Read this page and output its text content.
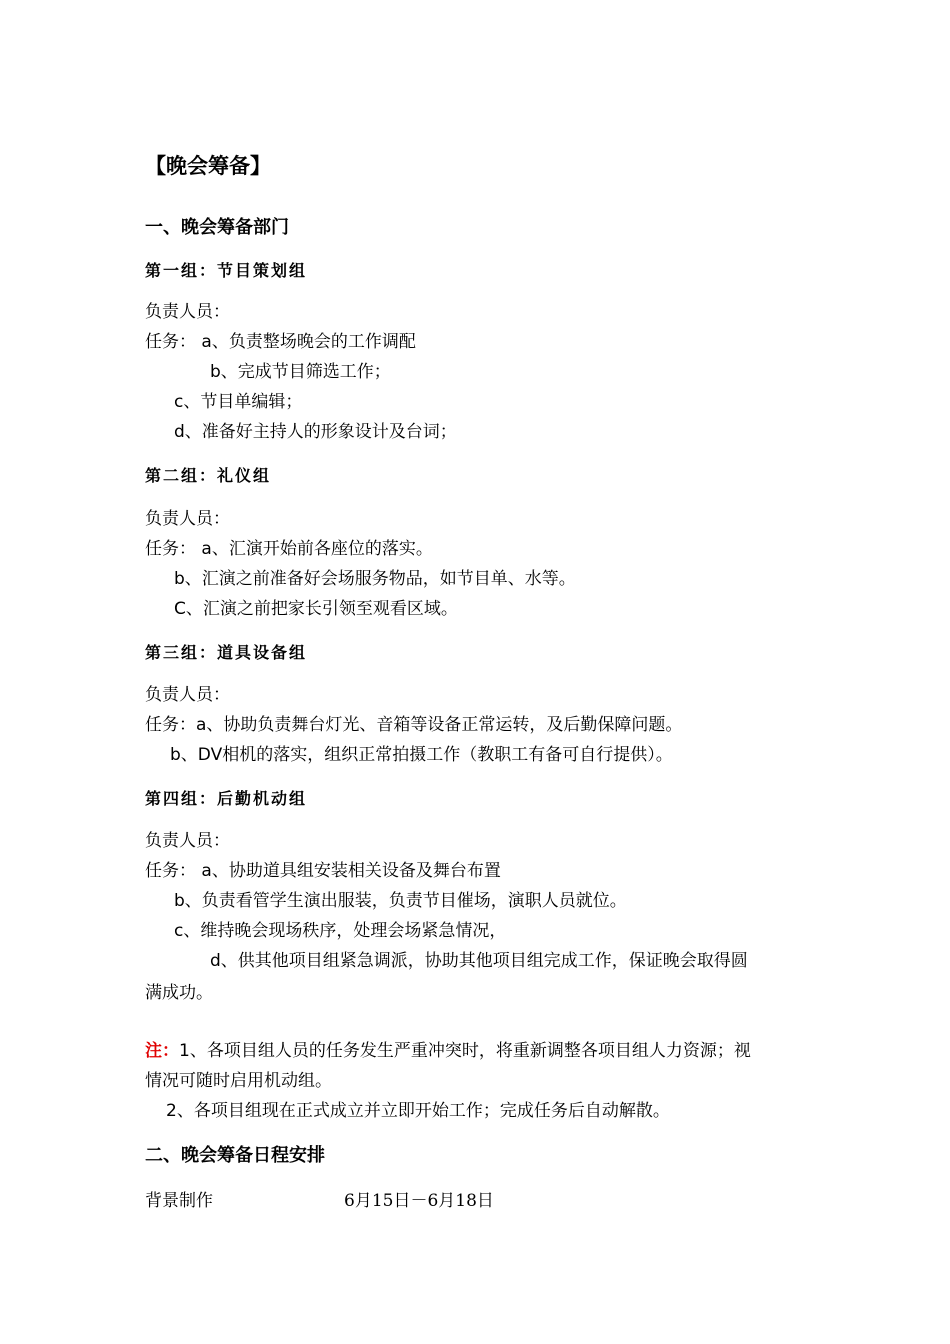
【晚会筹备】
一、晚会筹备部门
第一组：节目策划组
负责人员：
任务： a、负责整场晚会的工作调配
b、完成节目筛选工作；
c、节目单编辑；
d、准备好主持人的形象设计及台词；
第二组：礼仪组
负责人员：
任务： a、汇演开始前各座位的落实。
b、汇演之前准备好会场服务物品，如节目单、水等。
C、汇演之前把家长引领至观看区域。
第三组：道具设备组
负责人员：
任务：a、协助负责舞台灯光、音箱等设备正常运转，及后勤保障问题。
b、DV相机的落实，组织正常拍摄工作（教职工有备可自行提供）。
第四组：后勤机动组
负责人员：
任务： a、协助道具组安装相关设备及舞台布置
b、负责看管学生演出服装，负责节目催场，演职人员就位。
c、维持晚会现场秩序，处理会场紧急情况，
d、供其他项目组紧急调派，协助其他项目组完成工作，保证晚会取得圆
满成功。
注：1、各项目组人员的任务发生严重冲突时，将重新调整各项目组人力资源；视
情况可随时启用机动组。
2、各项目组现在正式成立并立即开始工作；完成任务后自动解散。
二、晚会筹备日程安排
背景制作	6月15日－6月18日
